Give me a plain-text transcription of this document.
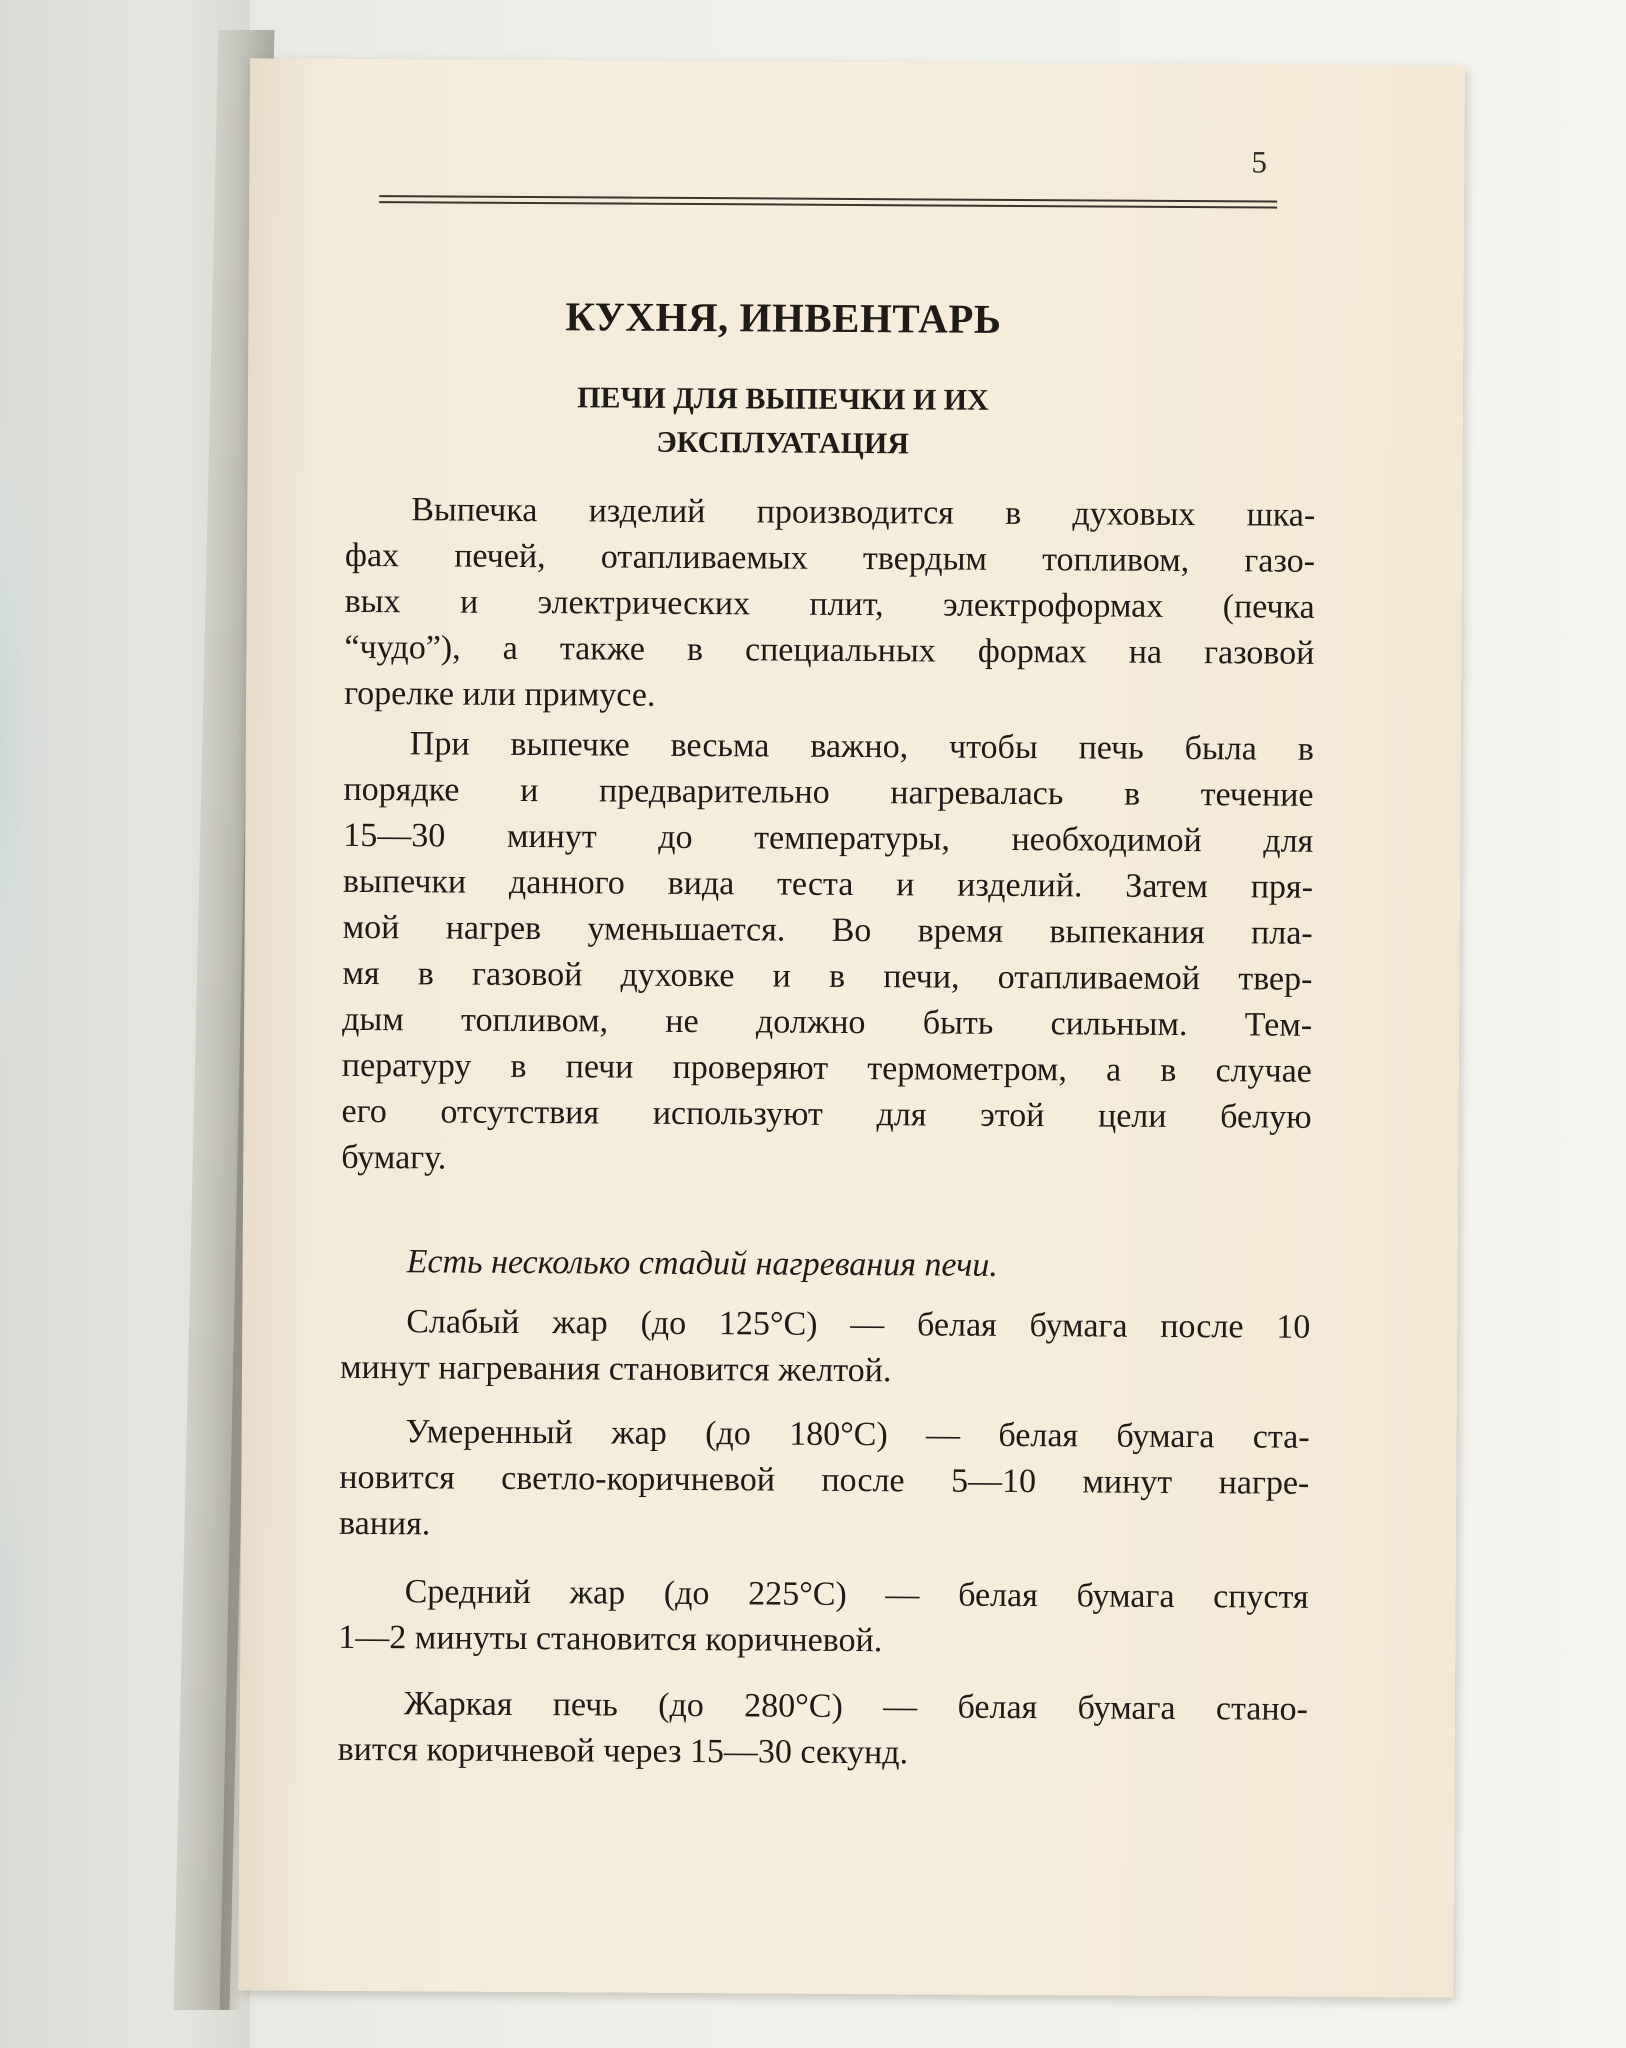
5
КУХНЯ, ИНВЕНТАРЬ
ПЕЧИ ДЛЯ ВЫПЕЧКИ И ИХ
ЭКСПЛУАТАЦИЯ
Выпечка изделий производится в духовых шка-
фах печей, отапливаемых твердым топливом, газо-
вых и электрических плит, электроформах (печка
“чудо”), а также в специальных формах на газовой
горелке или примусе.
При выпечке весьма важно, чтобы печь была в
порядке и предварительно нагревалась в течение
15—30 минут до температуры, необходимой для
выпечки данного вида теста и изделий. Затем пря-
мой нагрев уменьшается. Во время выпекания пла-
мя в газовой духовке и в печи, отапливаемой твер-
дым топливом, не должно быть сильным. Тем-
пературу в печи проверяют термометром, а в случае
его отсутствия используют для этой цели белую
бумагу.
Есть несколько стадий нагревания печи.
Слабый жар (до 125°С) — белая бумага после 10
минут нагревания становится желтой.
Умеренный жар (до 180°С) — белая бумага ста-
новится светло-коричневой после 5—10 минут нагре-
вания.
Средний жар (до 225°С) — белая бумага спустя
1—2 минуты становится коричневой.
Жаркая печь (до 280°С) — белая бумага стано-
вится коричневой через 15—30 секунд.
